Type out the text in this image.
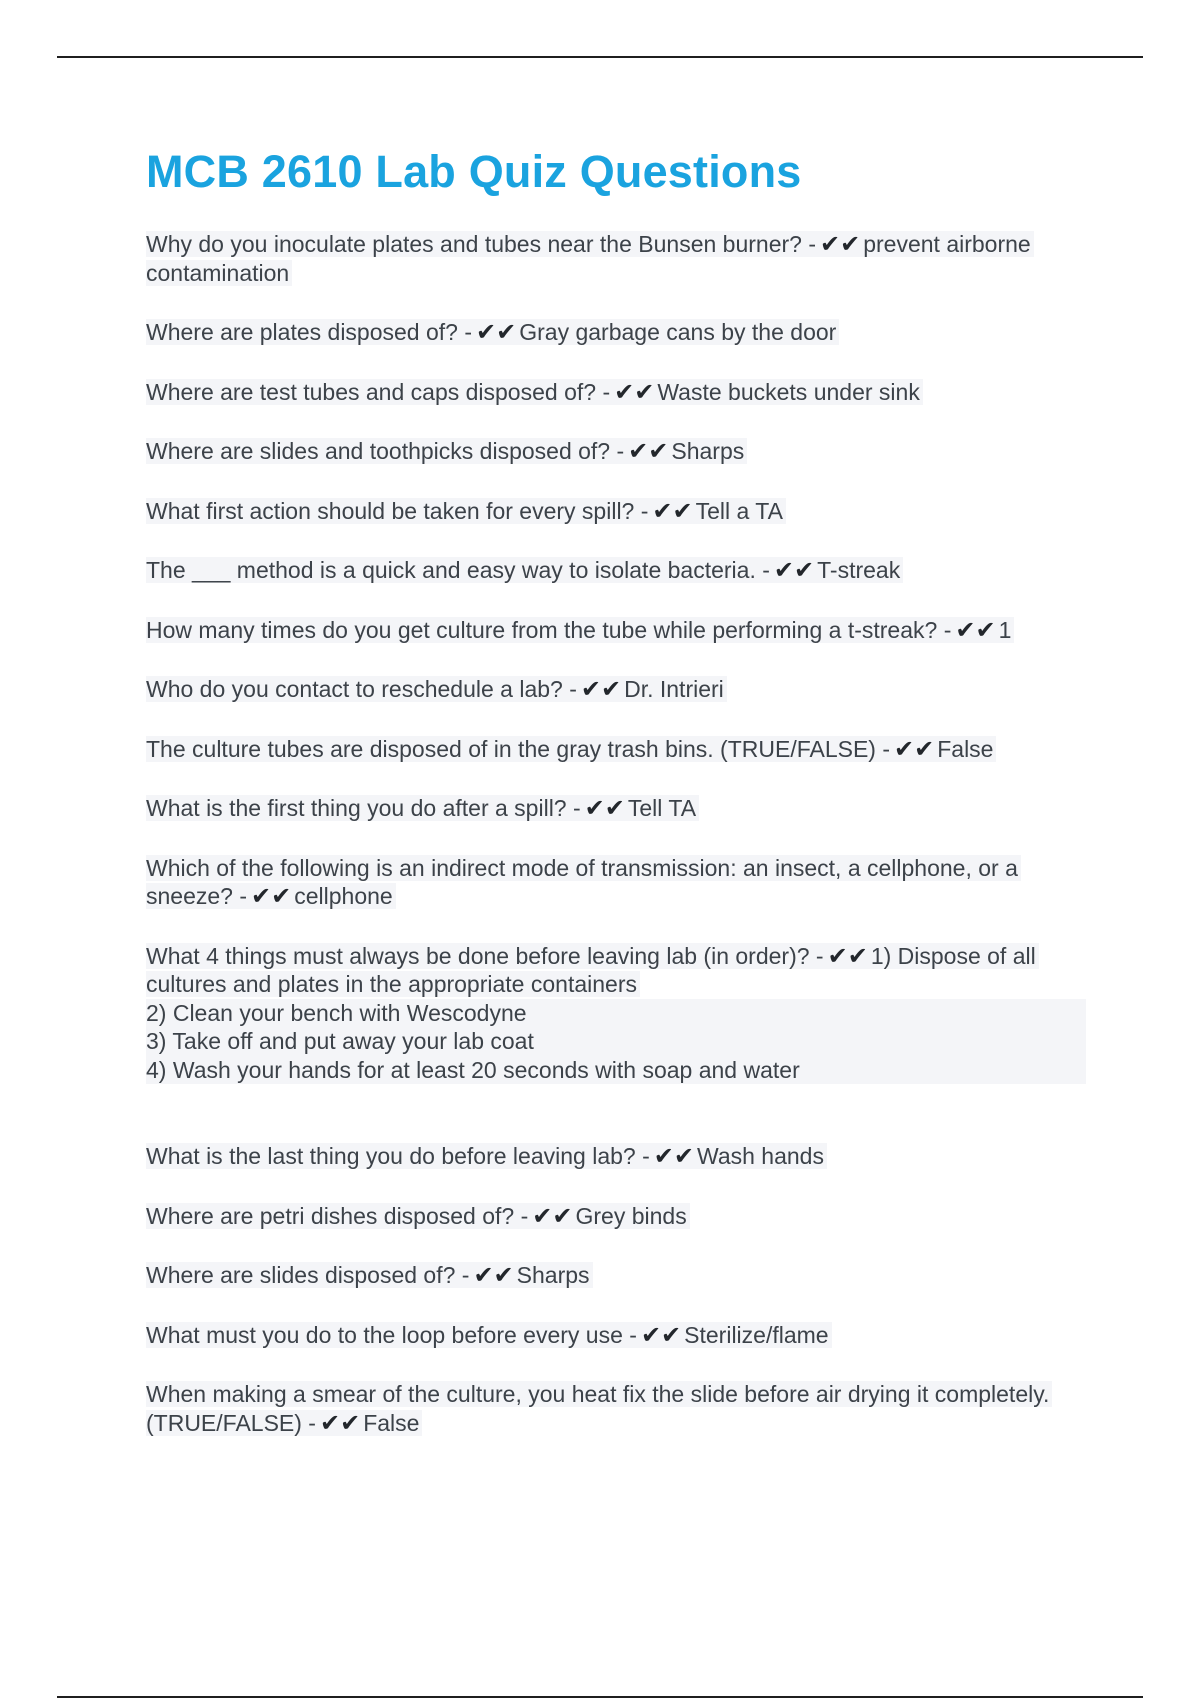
MCB 2610 Lab Quiz Questions
Why do you inoculate plates and tubes near the Bunsen burner? - ✔✔ prevent airborne contamination
Where are plates disposed of? - ✔✔ Gray garbage cans by the door
Where are test tubes and caps disposed of? - ✔✔ Waste buckets under sink
Where are slides and toothpicks disposed of? - ✔✔ Sharps
What first action should be taken for every spill? - ✔✔ Tell a TA
The ___ method is a quick and easy way to isolate bacteria. - ✔✔ T-streak
How many times do you get culture from the tube while performing a t-streak? - ✔✔ 1
Who do you contact to reschedule a lab? - ✔✔ Dr. Intrieri
The culture tubes are disposed of in the gray trash bins. (TRUE/FALSE) - ✔✔ False
What is the first thing you do after a spill? - ✔✔ Tell TA
Which of the following is an indirect mode of transmission: an insect, a cellphone, or a sneeze? - ✔✔ cellphone
What 4 things must always be done before leaving lab (in order)? - ✔✔ 1) Dispose of all cultures and plates in the appropriate containers
2) Clean your bench with Wescodyne
3) Take off and put away your lab coat
4) Wash your hands for at least 20 seconds with soap and water
What is the last thing you do before leaving lab? - ✔✔ Wash hands
Where are petri dishes disposed of? - ✔✔ Grey binds
Where are slides disposed of? - ✔✔ Sharps
What must you do to the loop before every use - ✔✔ Sterilize/flame
When making a smear of the culture, you heat fix the slide before air drying it completely. (TRUE/FALSE) - ✔✔ False
